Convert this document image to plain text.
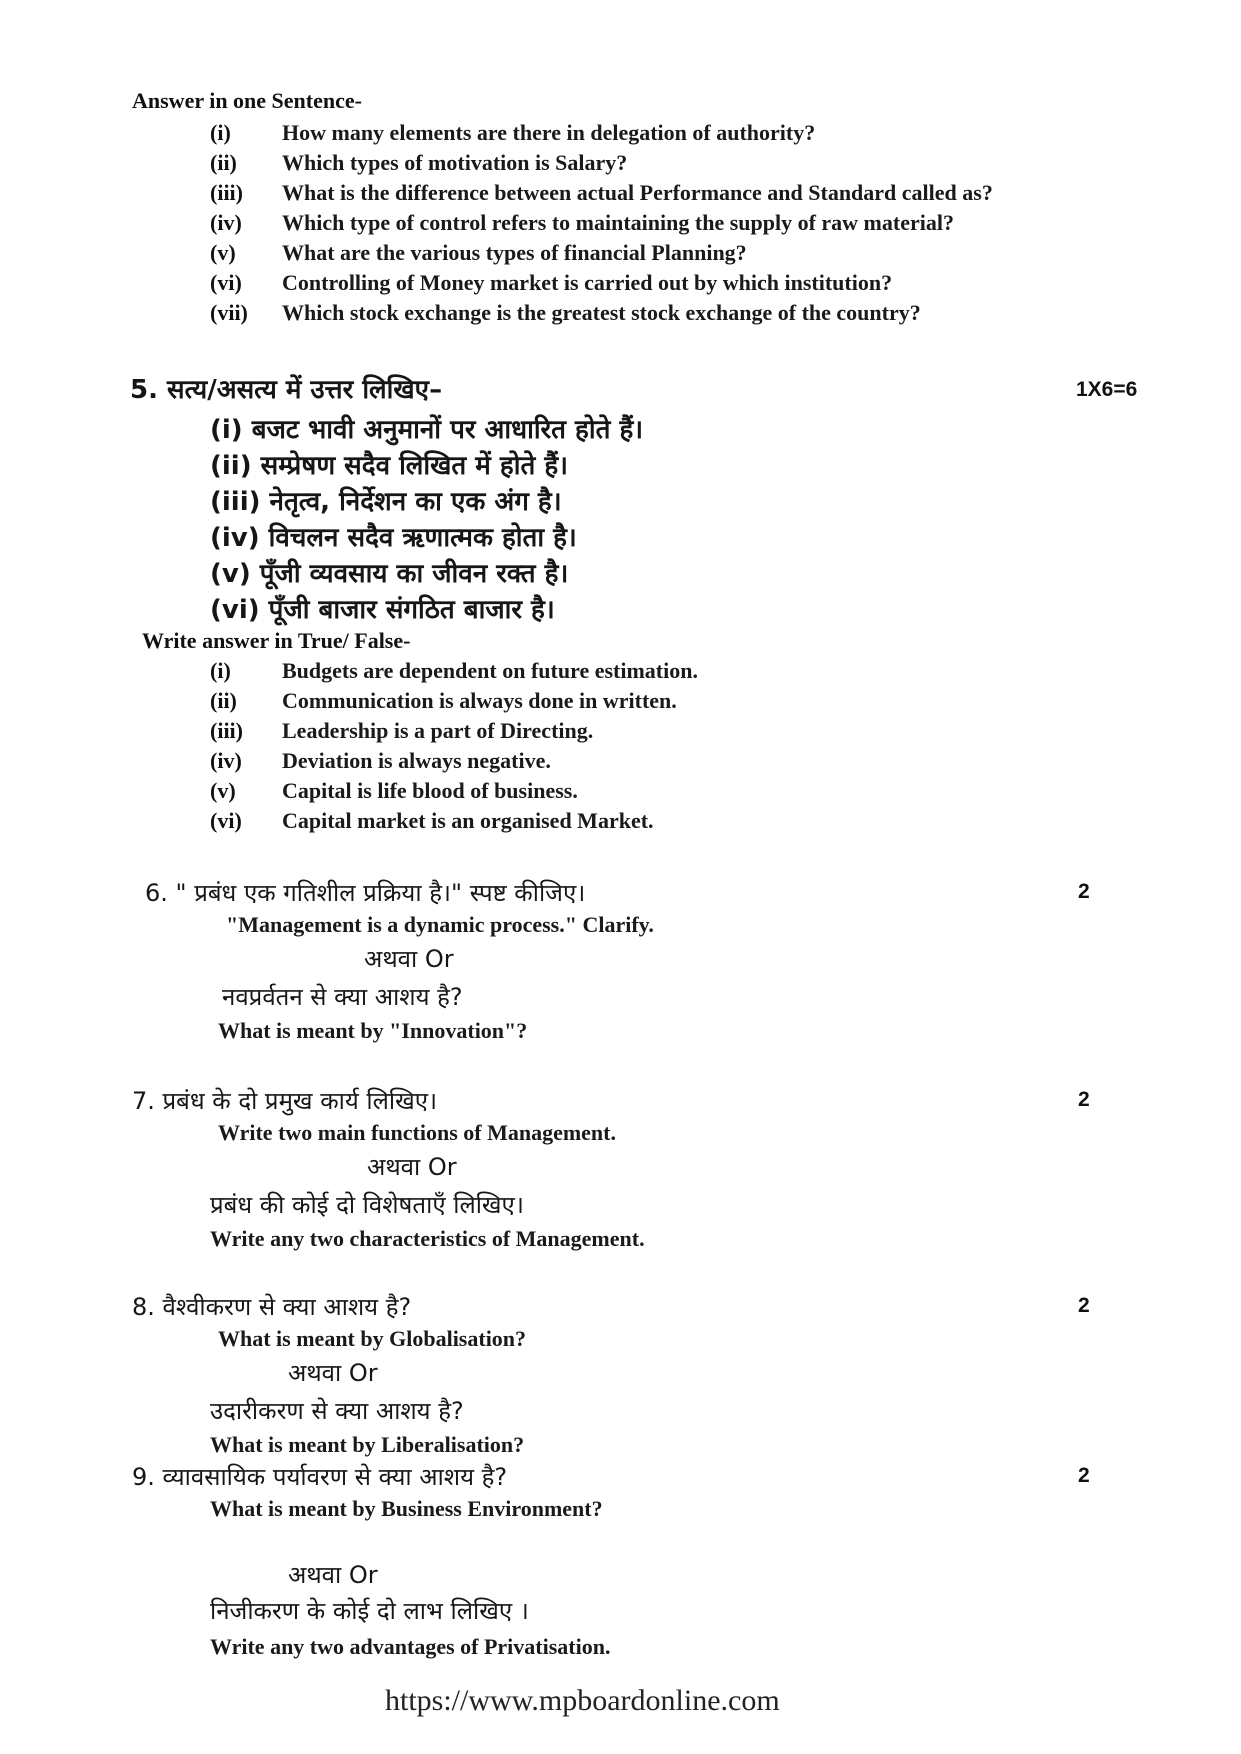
Answer in one Sentence-
(i)	How many elements are there in delegation of authority?
(ii)	Which types of motivation is Salary?
(iii)	What is the difference between actual Performance and Standard called as?
(iv)	Which type of control refers to maintaining the supply of raw material?
(v)	What are the various types of financial Planning?
(vi)	Controlling of Money market is carried out by which institution?
(vii)	Which stock exchange is the greatest stock exchange of the country?
5. सत्य/असत्य में उत्तर लिखिए–	1X6=6
(i) बजट भावी अनुमानों पर आधारित होते हैं।
(ii) सम्प्रेषण सदैव लिखित में होते हैं।
(iii) नेतृत्व, निर्देशन का एक अंग है।
(iv) विचलन सदैव ऋणात्मक होता है।
(v) पूँजी व्यवसाय का जीवन रक्त है।
(vi) पूँजी बाजार संगठित बाजार है।
Write answer in True/ False-
(i)	Budgets are dependent on future estimation.
(ii)	Communication is always done in written.
(iii)	Leadership is a part of Directing.
(iv)	Deviation is always negative.
(v)	Capital is life blood of business.
(vi)	Capital market is an organised Market.
6. " प्रबंध एक गतिशील प्रक्रिया है।" स्पष्ट कीजिए।	2
"Management is a dynamic process." Clarify.
अथवा Or
नवप्रर्वतन से क्या आशय है?
What is meant by "Innovation"?
7. प्रबंध के दो प्रमुख कार्य लिखिए।	2
Write two main functions of Management.
अथवा Or
प्रबंध की कोई दो विशेषताएँ लिखिए।
Write any two characteristics of Management.
8. वैश्वीकरण से क्या आशय है?	2
What is meant by Globalisation?
अथवा Or
उदारीकरण से क्या आशय है?
What is meant by Liberalisation?
9. व्यावसायिक पर्यावरण से क्या आशय है?	2
What is meant by Business Environment?
अथवा Or
निजीकरण के कोई दो लाभ लिखिए ।
Write any two advantages of Privatisation.
https://www.mpboardonline.com
